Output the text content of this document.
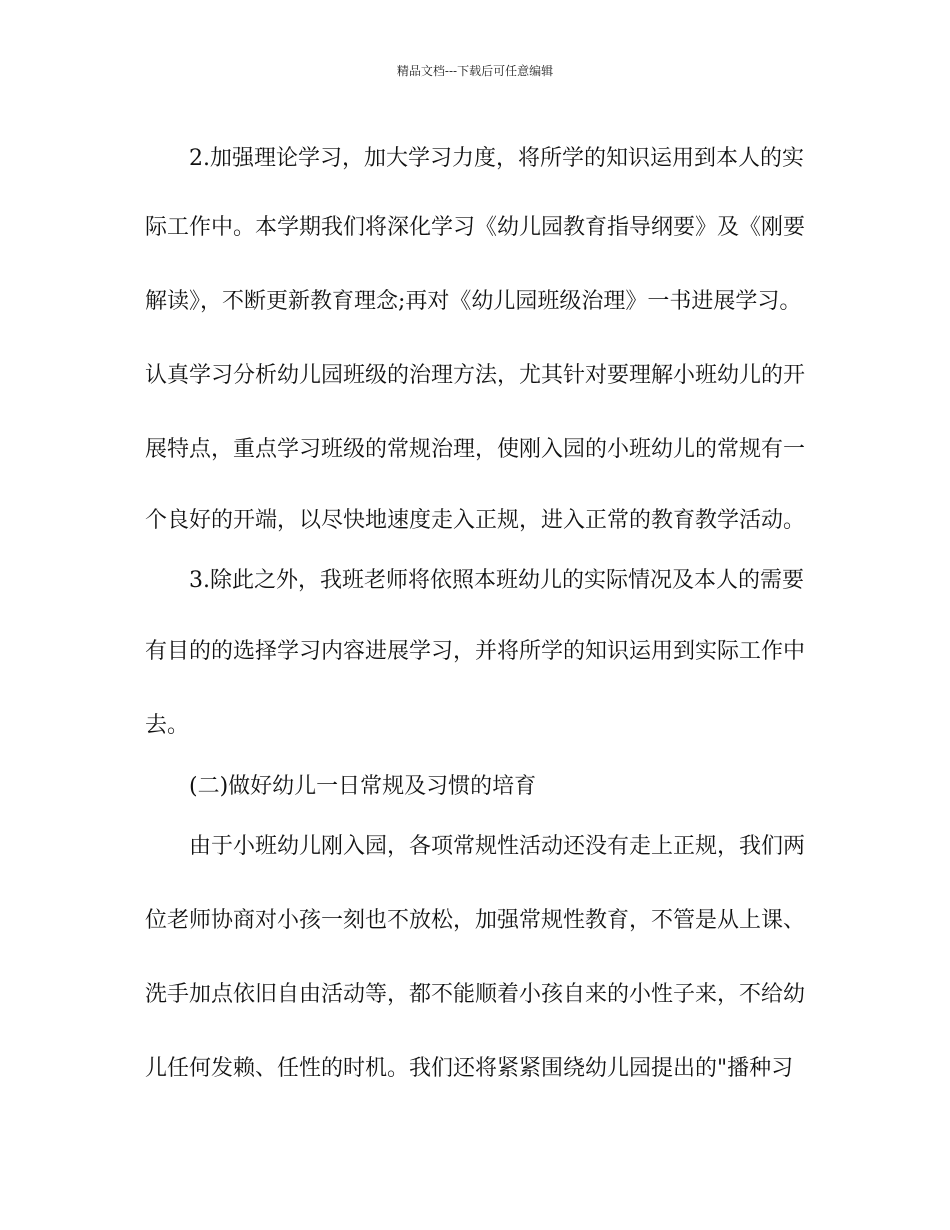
精品文档---下载后可任意编辑
　　2.加强理论学习，加大学习力度，将所学的知识运用到本人的实
际工作中。本学期我们将深化学习《幼儿园教育指导纲要》及《刚要
解读》，不断更新教育理念;再对《幼儿园班级治理》一书进展学习。
认真学习分析幼儿园班级的治理方法，尤其针对要理解小班幼儿的开
展特点，重点学习班级的常规治理，使刚入园的小班幼儿的常规有一
个良好的开端，以尽快地速度走入正规，进入正常的教育教学活动。
　　3.除此之外，我班老师将依照本班幼儿的实际情况及本人的需要
有目的的选择学习内容进展学习，并将所学的知识运用到实际工作中
去。
　　(二)做好幼儿一日常规及习惯的培育
　　由于小班幼儿刚入园，各项常规性活动还没有走上正规，我们两
位老师协商对小孩一刻也不放松，加强常规性教育，不管是从上课、
洗手加点依旧自由活动等，都不能顺着小孩自来的小性子来，不给幼
儿任何发赖、任性的时机。我们还将紧紧围绕幼儿园提出的"播种习
